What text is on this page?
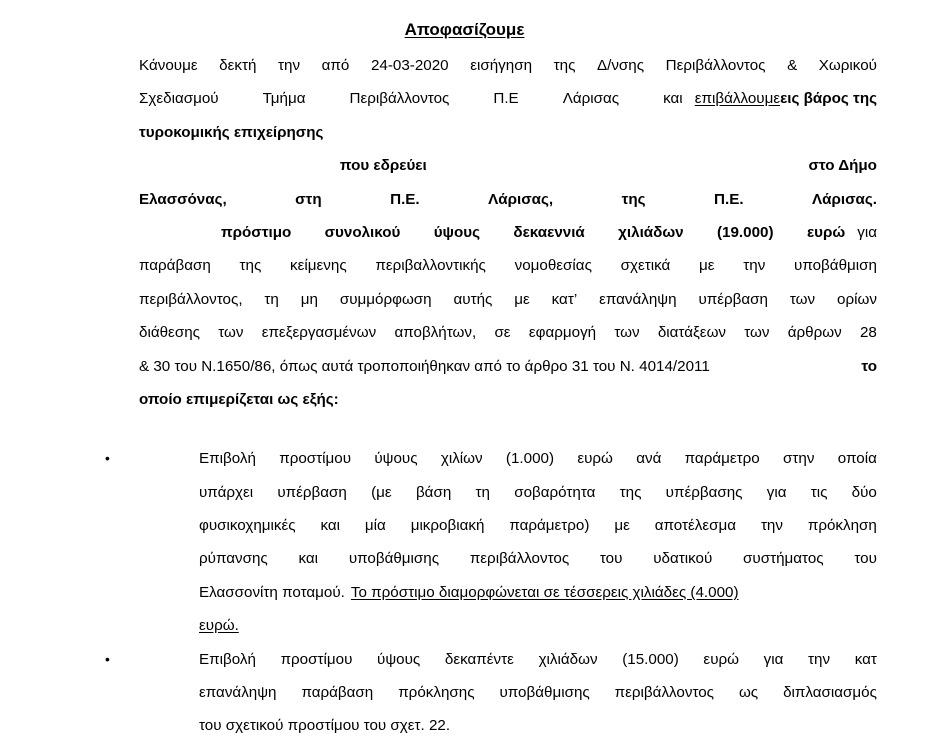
Αποφασίζουμε
Κάνουμε δεκτή την από 24-03-2020 εισήγηση της Δ/νσης Περιβάλλοντος & Χωρικού
Σχεδιασμού	Τμήμα	Περιβάλλοντος	Π.Ε	Λάρισας	και επιβάλλουμε εις βάρος της
τυροκομικής επιχείρησης

που εδρεύει
	στο Δήμο
Ελασσόνας,	στη	Π.Ε.	Λάρισας,	της	Π.Ε.	Λάρισας.

πρόστιμο συνολικού ύψους δεκαεννιά χιλιάδων (19.000) ευρώ για
παράβαση της κείμενης περιβαλλοντικής νομοθεσίας σχετικά με την υποβάθμιση
περιβάλλοντος, τη μη συμμόρφωση αυτής με κατ’ επανάληψη υπέρβαση των ορίων
διάθεσης των επεξεργασμένων αποβλήτων, σε εφαρμογή των διατάξεων των άρθρων 28
& 30 του Ν.1650/86, όπως αυτά τροποποιήθηκαν από το άρθρο 31 του Ν. 4014/2011	το
οποίο επιμερίζεται ως εξής:
•	Επιβολή προστίμου ύψους χιλίων (1.000) ευρώ ανά παράμετρο στην οποία
υπάρχει υπέρβαση (με βάση τη σοβαρότητα της υπέρβασης για τις δύο
φυσικοχημικές και μία μικροβιακή παράμετρο) με αποτέλεσμα την πρόκληση
ρύπανσης και υποβάθμισης περιβάλλοντος του υδατικού συστήματος του
Ελασσονίτη ποταμού. Το πρόστιμο διαμορφώνεται σε τέσσερεις χιλιάδες (4.000)
ευρώ.
•	Επιβολή προστίμου ύψους δεκαπέντε χιλιάδων (15.000) ευρώ για την κατ
επανάληψη παράβαση πρόκλησης υποβάθμισης περιβάλλοντος ως διπλασιασμός
του σχετικού προστίμου του σχετ. 22.
